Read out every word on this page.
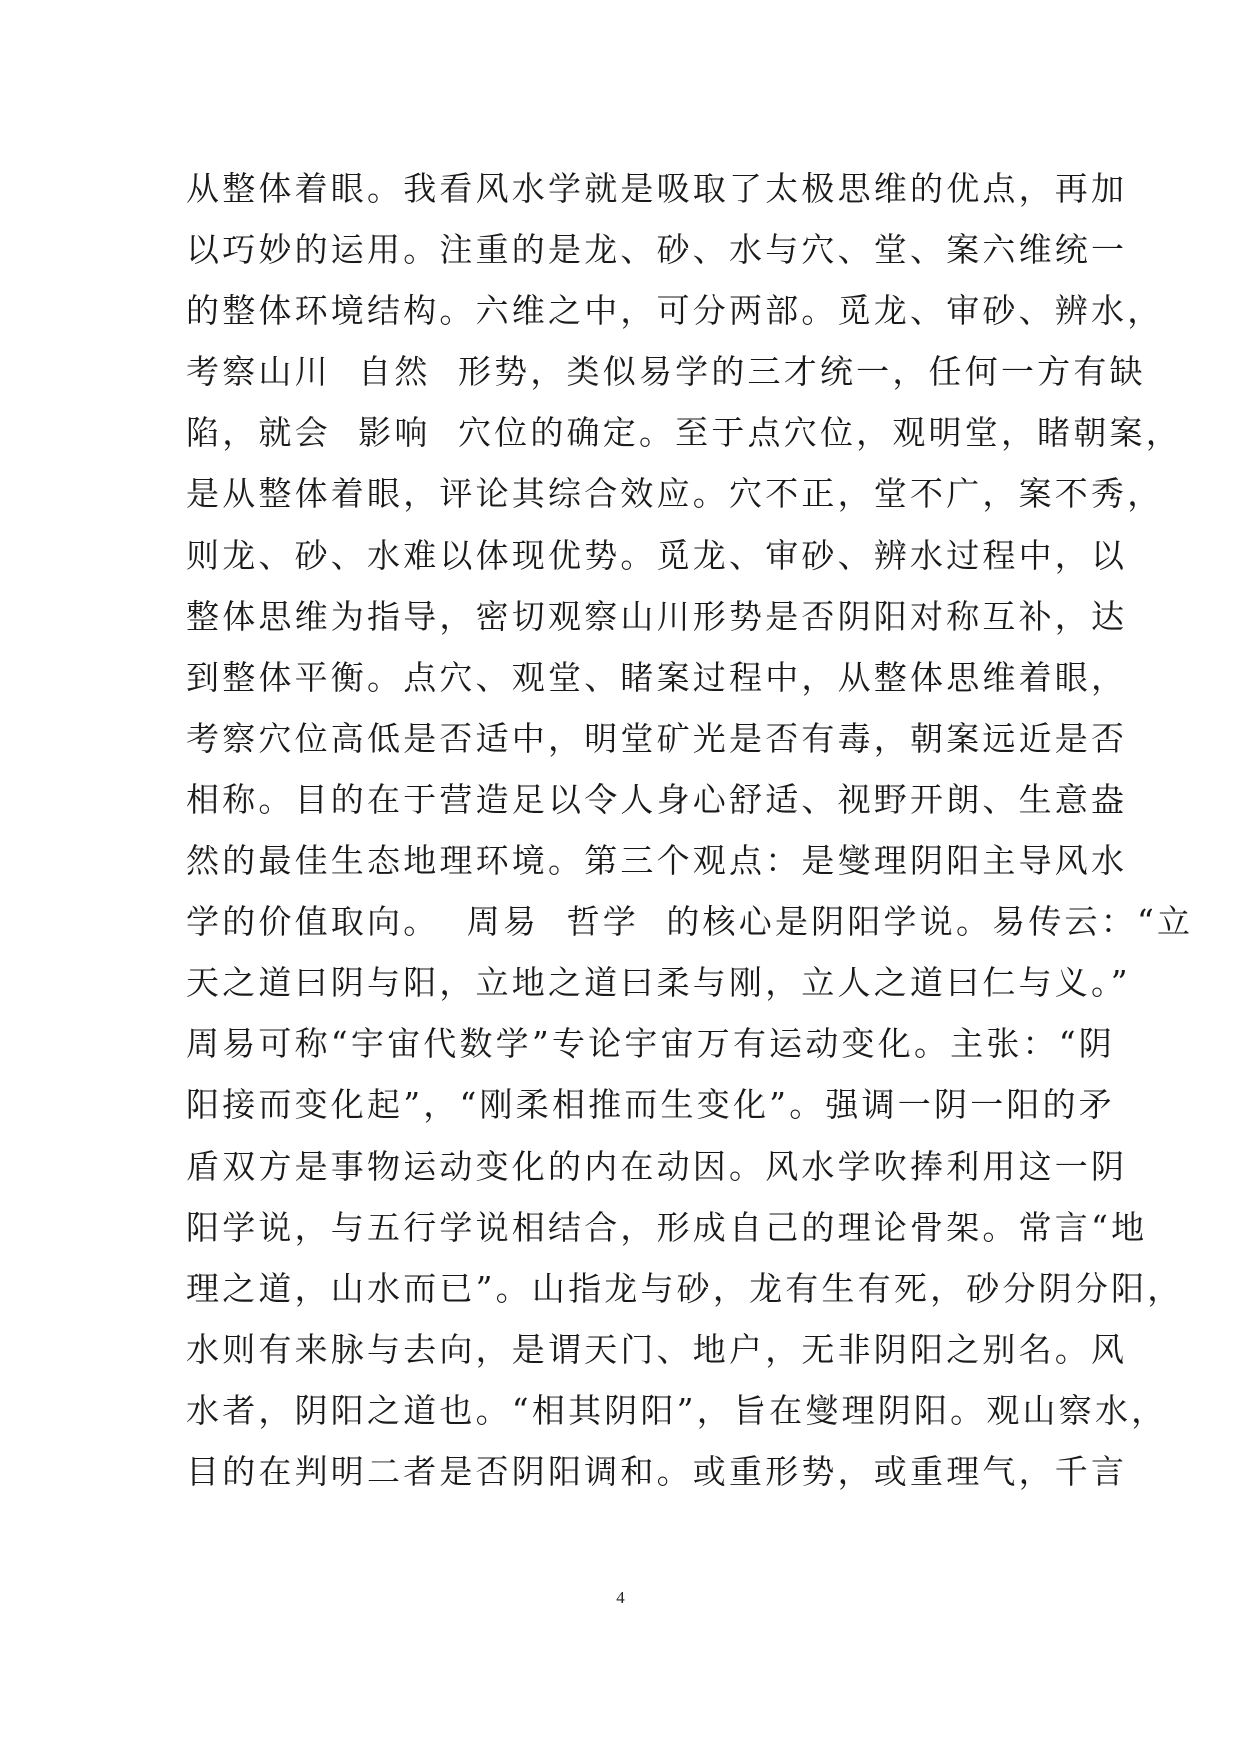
从整体着眼。我看风水学就是吸取了太极思维的优点，再加
以巧妙的运用。注重的是龙、砂、水与穴、堂、案六维统一
的整体环境结构。六维之中，可分两部。觅龙、审砂、辨水，
考察山川  自然  形势，类似易学的三才统一，任何一方有缺
陷，就会  影响  穴位的确定。至于点穴位，观明堂，睹朝案，
是从整体着眼，评论其综合效应。穴不正，堂不广，案不秀，
则龙、砂、水难以体现优势。觅龙、审砂、辨水过程中，以
整体思维为指导，密切观察山川形势是否阴阳对称互补，达
到整体平衡。点穴、观堂、睹案过程中，从整体思维着眼，
考察穴位高低是否适中，明堂矿光是否有毒，朝案远近是否
相称。目的在于营造足以令人身心舒适、视野开朗、生意盎
然的最佳生态地理环境。第三个观点：是燮理阴阳主导风水
学的价值取向。  周易  哲学  的核心是阴阳学说。易传云：“立
天之道曰阴与阳，立地之道曰柔与刚，立人之道曰仁与义。”
周易可称“宇宙代数学”专论宇宙万有运动变化。主张：“阴
阳接而变化起”，“刚柔相推而生变化”。强调一阴一阳的矛
盾双方是事物运动变化的内在动因。风水学吹捧利用这一阴
阳学说，与五行学说相结合，形成自己的理论骨架。常言“地
理之道，山水而已”。山指龙与砂，龙有生有死，砂分阴分阳，
水则有来脉与去向，是谓天门、地户，无非阴阳之别名。风
水者，阴阳之道也。“相其阴阳”，旨在燮理阴阳。观山察水，
目的在判明二者是否阴阳调和。或重形势，或重理气，千言
4
